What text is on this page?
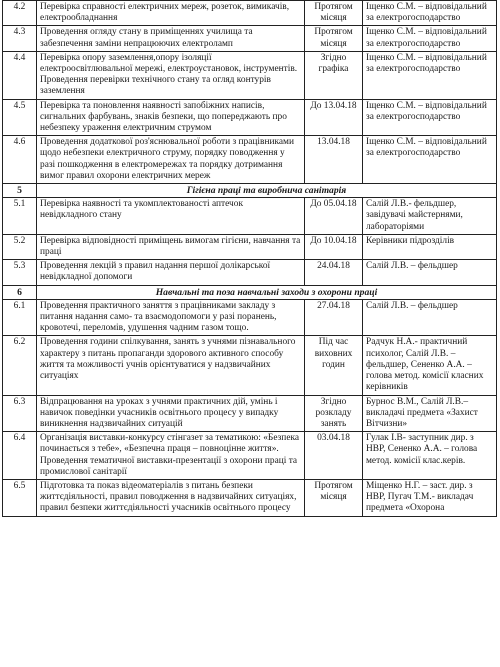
4.2	Перевірка справності електричних мереж, розеток, вимикачів, електрообладнання	Протягом місяця	Іщенко С.М. – відповідальний за електрогосподарство
4.3	Проведення огляду стану в приміщеннях училища та забезпечення заміни непрацюючих електроламп	Протягом місяця	Іщенко С.М. – відповідальний за електрогосподарство
4.4	Перевірка опору заземлення,опору ізоляції електроосвітлювальної мережі, електроустановок, інструментів. Проведення перевірки технічного стану та огляд контурів заземлення	Згідно графіка	Іщенко С.М. – відповідальний за електрогосподарство
4.5	Перевірка та поновлення наявності запобіжних написів, сигнальних фарбувань, знаків безпеки, що попереджають про небезпеку ураження електричним струмом	До 13.04.18	Іщенко С.М. – відповідальний за електрогосподарство
4.6	Проведення додаткової роз'яснювальної роботи з працівниками щодо небезпеки електричного струму, порядку поводження у разі пошкодження в електромережах та порядку дотримання вимог правил охорони електричних мереж	13.04.18	Іщенко С.М. – відповідальний за електрогосподарство
5	Гігієна праці та виробнича санітарія		
5.1	Перевірка наявності та укомплектованості аптечок невідкладного стану	До 05.04.18	Салій Л.В.- фельдшер, завідувачі майстернями, лабораторіями
5.2	Перевірка відповідності приміщень вимогам гігієни, навчання та праці	До 10.04.18	Керівники підрозділів
5.3	Проведення лекцій з правил надання першої долікарської невідкладної допомоги	24.04.18	Салій Л.В. – фельдшер
6	Навчальні та поза навчальні заходи з охорони праці		
6.1	Проведення практичного заняття з працівниками закладу з питання надання само- та взаємодопомоги у разі поранень, кровотечі, переломів, удушення чадним газом тощо.	27.04.18	Салій Л.В. – фельдшер
6.2	Проведення години спілкування, занять з учнями пізнавального характеру з питань пропаганди здорового активного способу життя та можливості учнів орієнтуватися у надзвичайних ситуаціях	Під час виховних годин	Радчук Н.А.- практичний психолог, Салій Л.В. – фельдшер, Сененко А.А. – голова метод. комісії класних керівників
6.3	Відпрацювання на уроках з учнями практичних дій, умінь і навичок поведінки учасників освітнього процесу у випадку виникнення надзвичайних ситуацій	Згідно розкладу занять	Бурнос В.М., Салій Л.В.– викладачі предмета «Захист Вітчизни»
6.4	Організація виставки-конкурсу стінгазет за тематикою: «Безпека починається з тебе», «Безпечна праця – повноцінне життя». Проведення тематичної виставки-презентації з охорони праці та промислової санітарії	03.04.18	Гулак І.В- заступник дир. з НВР, Сененко А.А. – голова метод. комісії клас.керів.
6.5	Підготовка та показ відеоматеріалів з питань безпеки життєдіяльності, правил поводження в надзвичайних ситуаціях, правил безпеки життєдіяльності учасників освітнього процесу	Протягом місяця	Міщенко Н.Г. – заст. дир. з НВР, Пугач Т.М.- викладач предмета «Охорона
